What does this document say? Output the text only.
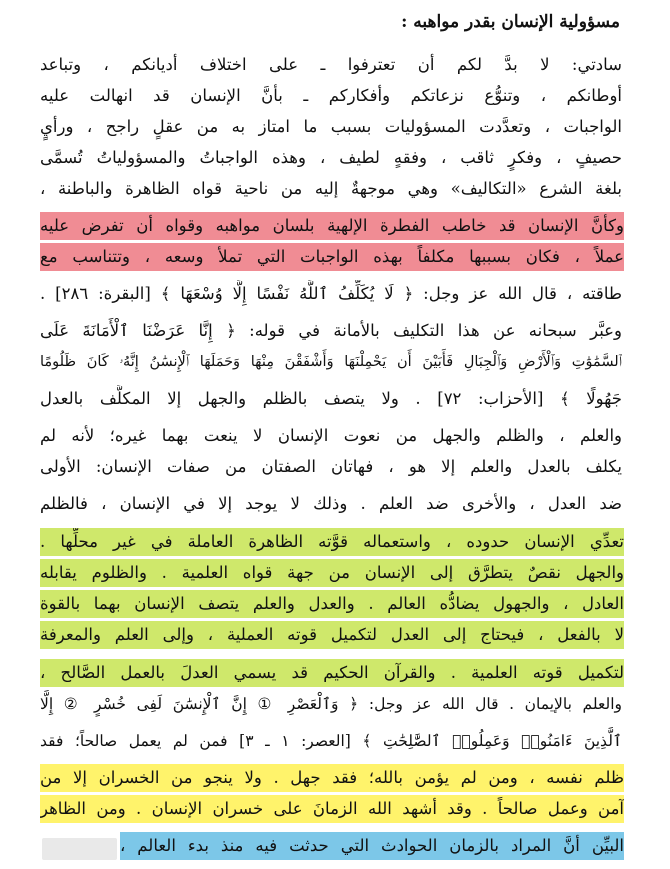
مسؤولية الإنسان بقدر مواهبه :
سادتي: لا بدَّ لكم أن تعترفوا ـ على اختلاف أديانكم ، وتباعد
أوطانكم ، وتنوُّع نزعاتكم وأفكاركم ـ بأنَّ الإنسان قد انهالت عليه
الواجبات ، وتعدَّدت المسؤوليات بسبب ما امتاز به من عقلٍ راجح ، ورأيٍ
حصيفٍ ، وفكرٍ ثاقب ، وفقهٍ لطيف ، وهذه الواجباتُ والمسؤولياتُ تُسمَّى
بلغة الشرع «التكاليف» وهي موجهةٌ إليه من ناحية قواه الظاهرة والباطنة ،
وكأنَّ الإنسان قد خاطب الفطرة الإلهية بلسان مواهبه وقواه أن تفرض عليه
عملاً ، فكان بسببها مكلفاً بهذه الواجبات التي تملأ وسعه ، وتتناسب مع
طاقته ، قال الله عز وجل: ﴿ لَا يُكَلِّفُ ٱللَّهُ نَفْسًا إِلَّا وُسْعَهَا ﴾ [البقرة: ٢٨٦] .
وعبَّر سبحانه عن هذا التكليف بالأمانة في قوله: ﴿ إِنَّا عَرَضْنَا ٱلْأَمَانَةَ عَلَى
ٱلسَّمَٰوَٰتِ وَٱلْأَرْضِ وَٱلْجِبَالِ فَأَبَيْنَ أَن يَحْمِلْنَهَا وَأَشْفَقْنَ مِنْهَا وَحَمَلَهَا ٱلْإِنسَٰنُ إِنَّهُۥ كَانَ ظَلُومًا
جَهُولًا ﴾ [الأحزاب: ٧٢] . ولا يتصف بالظلم والجهل إلا المكلَّف بالعدل
والعلم ، والظلم والجهل من نعوت الإنسان لا ينعت بهما غيره؛ لأنه لم
يكلف بالعدل والعلم إلا هو ، فهاتان الصفتان من صفات الإنسان: الأولى
ضد العدل ، والأخرى ضد العلم . وذلك لا يوجد إلا في الإنسان ، فالظلم
تعدِّي الإنسان حدوده ، واستعماله قوَّته الظاهرة العاملة في غير محلِّها .
والجهل نقصٌ يتطرَّق إلى الإنسان من جهة قواه العلمية . والظلوم يقابله
العادل ، والجهول يضادُّه العالم . والعدل والعلم يتصف الإنسان بهما بالقوة
لا بالفعل ، فيحتاج إلى العدل لتكميل قوته العملية ، وإلى العلم والمعرفة
لتكميل قوته العلمية . والقرآن الحكيم قد يسمي العدلَ بالعمل الصَّالح ،
والعلم بالإيمان . قال الله عز وجل: ﴿ وَٱلْعَصْرِ ① إِنَّ ٱلْإِنسَٰنَ لَفِى خُسْرٍ ② إِلَّا
ٱلَّذِينَ ءَامَنُوا۟ وَعَمِلُوا۟ ٱلصَّٰلِحَٰتِ ﴾ [العصر: ١ ـ ٣] فمن لم يعمل صالحاً؛ فقد
ظلم نفسه ، ومن لم يؤمن بالله؛ فقد جهل . ولا ينجو من الخسران إلا من
آمن وعمل صالحاً . وقد أشهد الله الزمانَ على خسران الإنسان . ومن الظاهر
البيِّن أنَّ المراد بالزمان الحوادث التي حدثت فيه منذ بدء العالم ،
